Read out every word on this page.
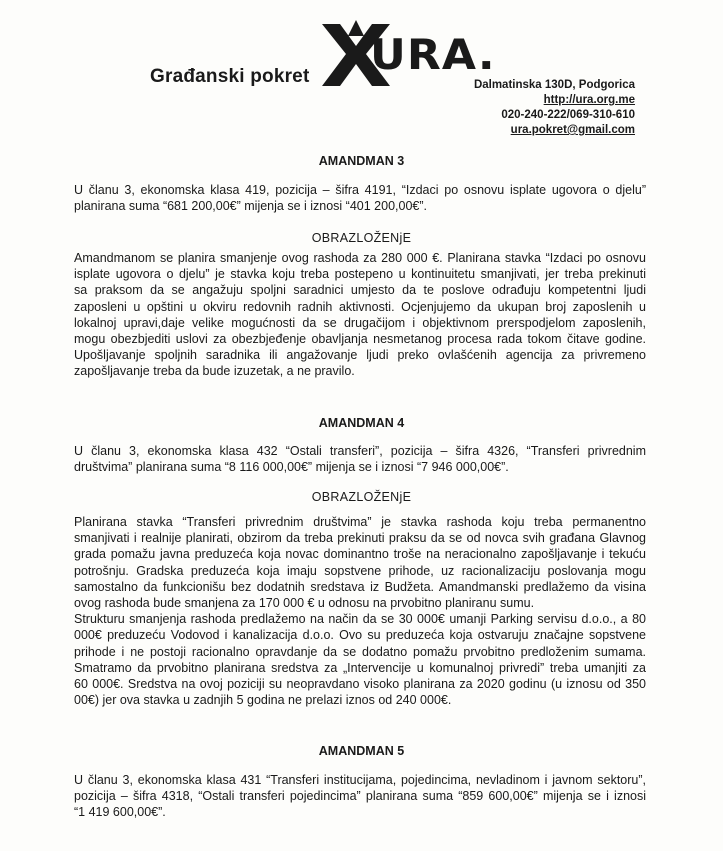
Građanski pokret URA.
Dalmatinska 130D, Podgorica
http://ura.org.me
020-240-222/069-310-610
ura.pokret@gmail.com
AMANDMAN 3
U članu 3, ekonomska klasa 419, pozicija – šifra 4191, “Izdaci po osnovu isplate ugovora o djelu”
planirana suma “681 200,00€” mijenja se i iznosi “401 200,00€”.
OBRAZLOŽENjE
Amandmanom se planira smanjenje ovog rashoda za 280 000 €. Planirana stavka “Izdaci po osnovu
isplate ugovora o djelu” je stavka koju treba postepeno u kontinuitetu smanjivati, jer treba prekinuti
sa praksom da se angažuju spoljni saradnici umjesto da te poslove odrađuju kompetentni ljudi
zaposleni u opštini u okviru redovnih radnih aktivnosti. Ocjenjujemo da ukupan broj zaposlenih u
lokalnoj upravi,daje velike mogućnosti da se drugačijom i objektivnom prerspodjelom zaposlenih,
mogu obezbjediti uslovi za obezbjeđenje obavljanja nesmetanog procesa rada tokom čitave godine.
Upošljavanje spoljnih saradnika ili angažovanje ljudi preko ovlašćenih agencija za privremeno
zapošljavanje treba da bude izuzetak, a ne pravilo.
AMANDMAN 4
U članu 3, ekonomska klasa 432 “Ostali transferi”, pozicija – šifra 4326, “Transferi privrednim
društvima” planirana suma “8 116 000,00€” mijenja se i iznosi “7 946 000,00€”.
OBRAZLOŽENjE
Planirana stavka “Transferi privrednim društvima” je stavka rashoda koju treba permanentno
smanjivati i realnije planirati, obzirom da treba prekinuti praksu da se od novca svih građana Glavnog
grada pomažu javna preduzeća koja novac dominantno troše na neracionalno zapošljavanje i tekuću
potrošnju. Gradska preduzeća koja imaju sopstvene prihode, uz racionalizaciju poslovanja mogu
samostalno da funkcionišu bez dodatnih sredstava iz Budžeta. Amandmanski predlažemo da visina
ovog rashoda bude smanjena za 170 000 € u odnosu na prvobitno planiranu sumu.
Strukturu smanjenja rashoda predlažemo na način da se 30 000€ umanji Parking servisu d.o.o., a 80
000€ preduzeću Vodovod i kanalizacija d.o.o. Ovo su preduzeća koja ostvaruju značajne sopstvene
prihode i ne postoji racionalno opravdanje da se dodatno pomažu prvobitno predloženim sumama.
Smatramo da prvobitno planirana sredstva za „Intervencije u komunalnoj privredi” treba umanjiti za
60 000€. Sredstva na ovoj poziciji su neopravdano visoko planirana za 2020 godinu (u iznosu od 350
00€) jer ova stavka u zadnjih 5 godina ne prelazi iznos od 240 000€.
AMANDMAN 5
U članu 3, ekonomska klasa 431 “Transferi institucijama, pojedincima, nevladinom i javnom sektoru”,
pozicija – šifra 4318, “Ostali transferi pojedincima” planirana suma “859 600,00€” mijenja se i iznosi
“1 419 600,00€”.
